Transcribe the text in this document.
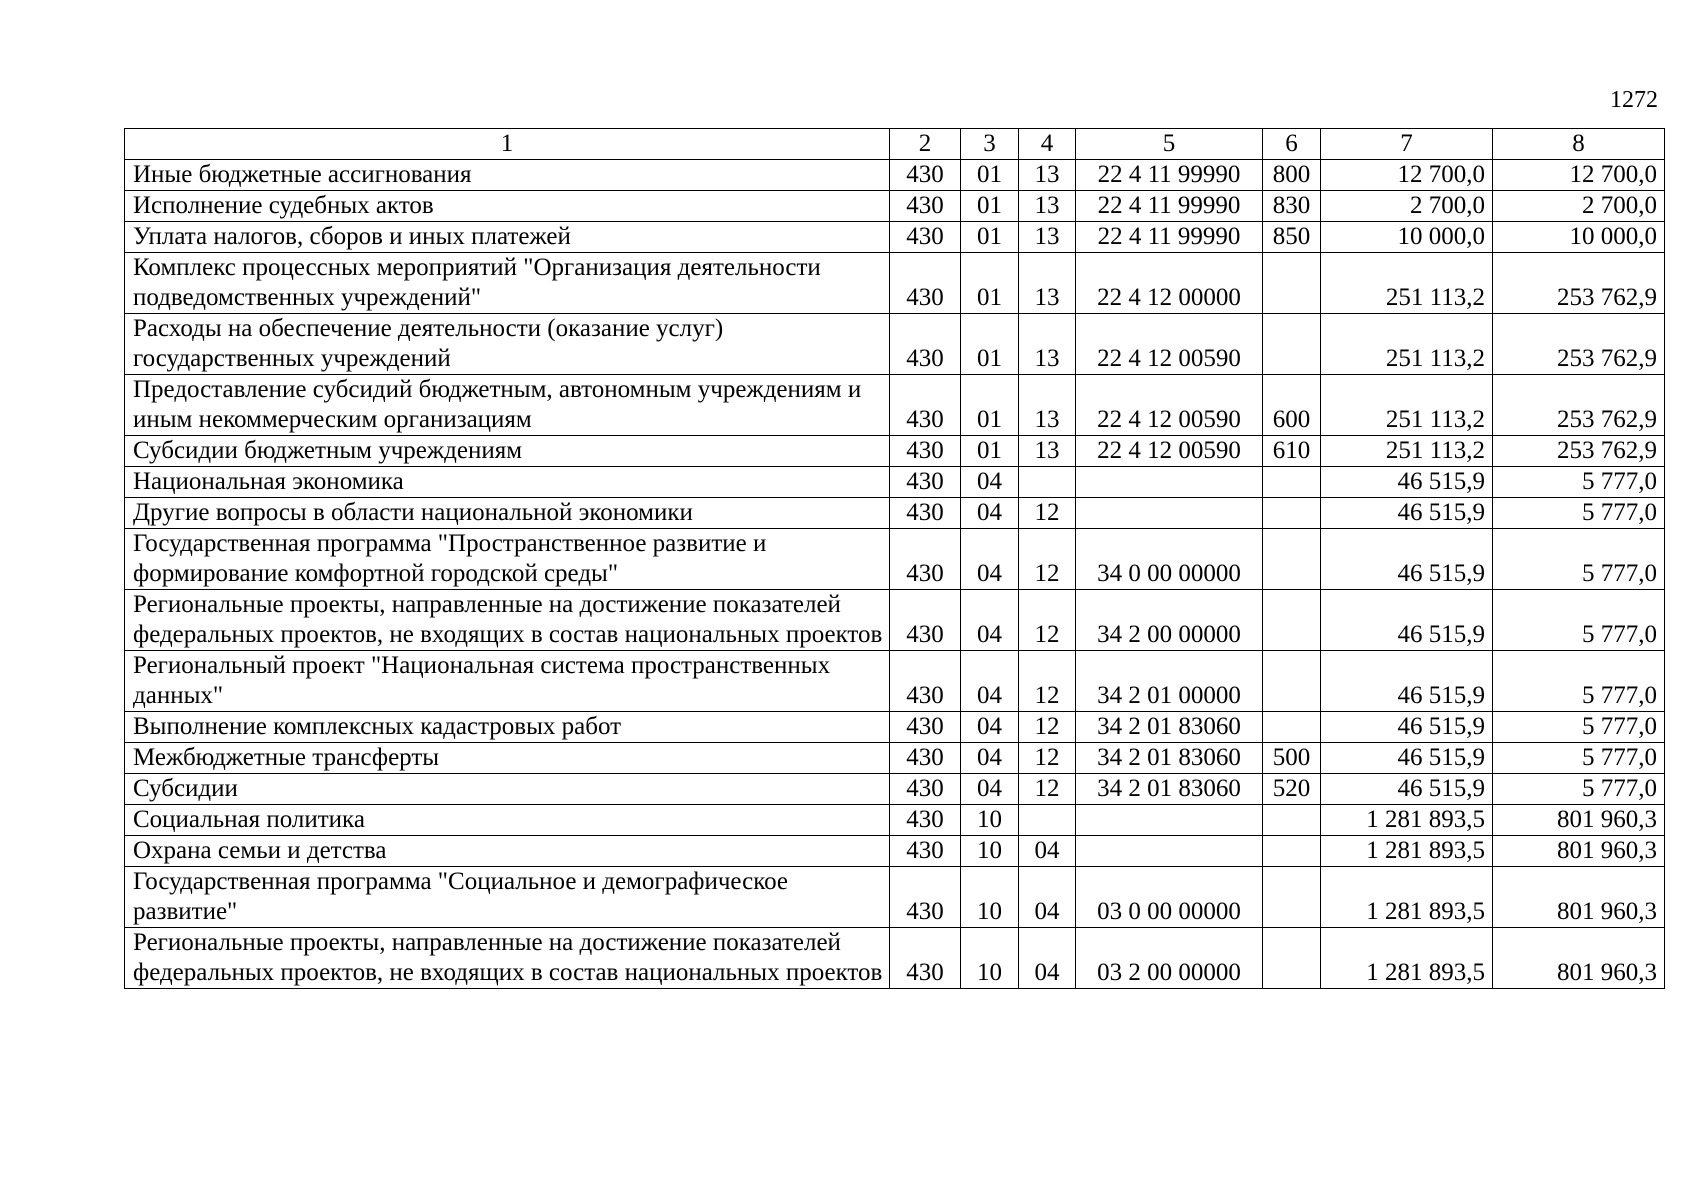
1272
1	2	3	4	5	6	7	8
Иные бюджетные ассигнования	430	01	13	22 4 11 99990	800	12 700,0	12 700,0
Исполнение судебных актов	430	01	13	22 4 11 99990	830	2 700,0	2 700,0
Уплата налогов, сборов и иных платежей	430	01	13	22 4 11 99990	850	10 000,0	10 000,0
Комплекс процессных мероприятий "Организация деятельности подведомственных учреждений"	430	01	13	22 4 12 00000		251 113,2	253 762,9
Расходы на обеспечение деятельности (оказание услуг) государственных учреждений	430	01	13	22 4 12 00590		251 113,2	253 762,9
Предоставление субсидий бюджетным, автономным учреждениям и иным некоммерческим организациям	430	01	13	22 4 12 00590	600	251 113,2	253 762,9
Субсидии бюджетным учреждениям	430	01	13	22 4 12 00590	610	251 113,2	253 762,9
Национальная экономика	430	04				46 515,9	5 777,0
Другие вопросы в области национальной экономики	430	04	12			46 515,9	5 777,0
Государственная программа "Пространственное развитие и формирование комфортной городской среды"	430	04	12	34 0 00 00000		46 515,9	5 777,0
Региональные проекты, направленные на достижение показателей федеральных проектов, не входящих в состав национальных проектов	430	04	12	34 2 00 00000		46 515,9	5 777,0
Региональный проект "Национальная система пространственных данных"	430	04	12	34 2 01 00000		46 515,9	5 777,0
Выполнение комплексных кадастровых работ	430	04	12	34 2 01 83060		46 515,9	5 777,0
Межбюджетные трансферты	430	04	12	34 2 01 83060	500	46 515,9	5 777,0
Субсидии	430	04	12	34 2 01 83060	520	46 515,9	5 777,0
Социальная политика	430	10				1 281 893,5	801 960,3
Охрана семьи и детства	430	10	04			1 281 893,5	801 960,3
Государственная программа "Социальное и демографическое развитие"	430	10	04	03 0 00 00000		1 281 893,5	801 960,3
Региональные проекты, направленные на достижение показателей федеральных проектов, не входящих в состав национальных проектов	430	10	04	03 2 00 00000		1 281 893,5	801 960,3
